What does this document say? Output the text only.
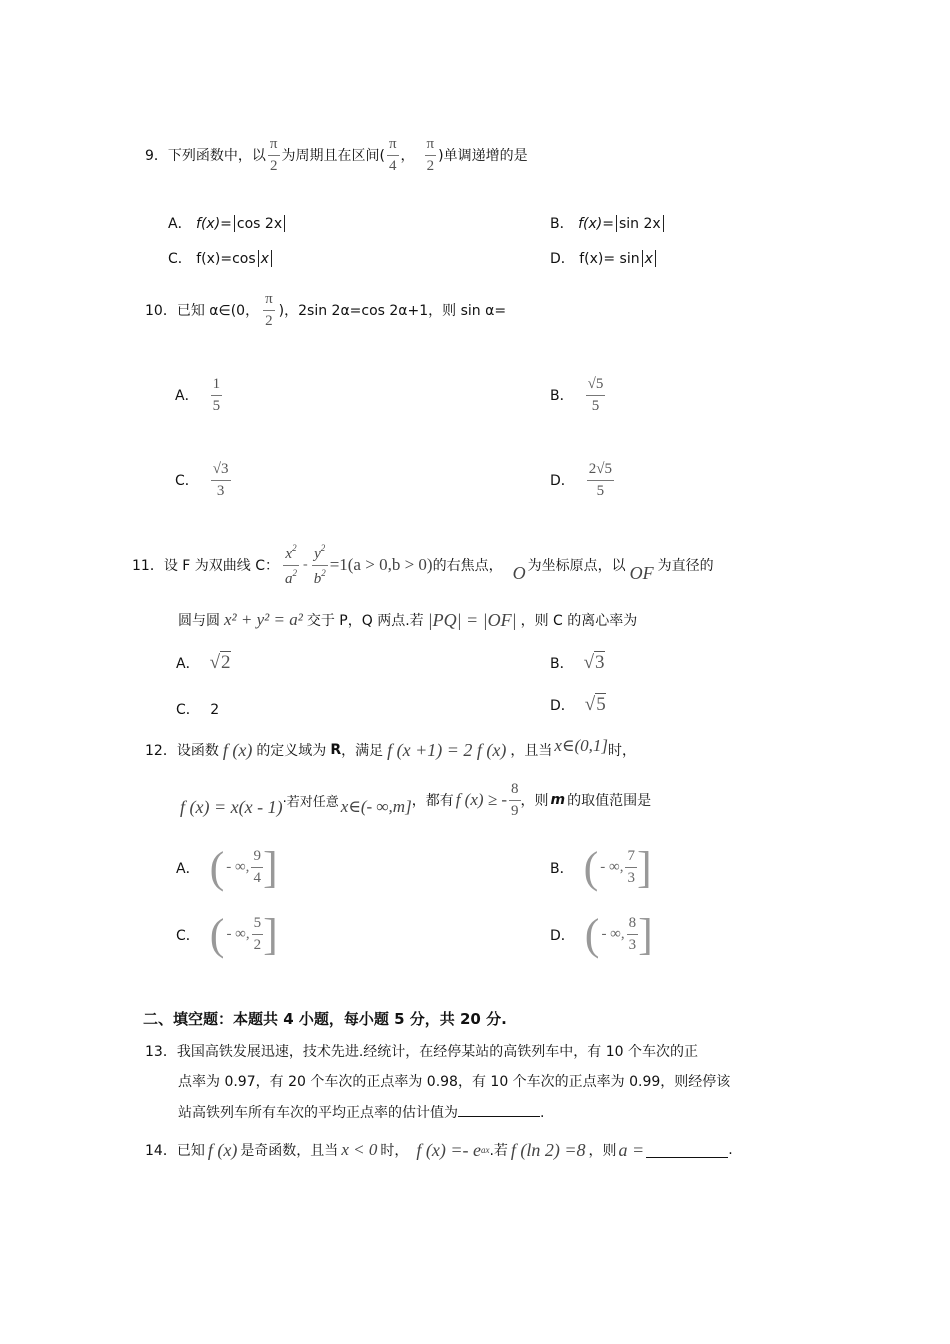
9． 下列函数中，以 $\frac{\pi}{2}$ 为周期且在区间( $\frac{\pi}{4}$ ， $\frac{\pi}{2}$ )单调递增的是
A． f(x)= cos 2x	B． f(x)= sin 2x
C． f(x)=cos x	D． f(x)= sin x
10． 已知 α∈(0， $\frac{\pi}{2}$ )，2sin 2α=cos 2α+1，则 sin α=
A． $\frac{1}{5}$	B． $\frac{√5}{5}$
C． $\frac{√3}{3}$	D． $\frac{2√5}{5}$
11． 设 F 为双曲线 C： $\frac{x^2}{a^2} - \frac{y^2}{b^2} =1(a > 0,b > 0)$ 的右焦点， O 为坐标原点，以 OF 为直径的
圆与圆 x² + y² = a² 交于 P，Q 两点.若 |PQ| = |OF| ，则 C 的离心率为
A． √2	B． √3
C． 2	D． √5
12． 设函数 f (x) 的定义域为 R ，满足 f (x +1) = 2 f (x) ，且当 x∈(0,1] 时，
f (x) = x(x - 1) ·若对任意 x∈(- ∞,m] ，都有 f (x) ≥ - $\frac{8}{9}$ ，则 m 的取值范围是
A． ( - ∞, $\frac{9}{4}$ ]	B． ( - ∞, $\frac{7}{3}$ ]
C． ( - ∞, $\frac{5}{2}$ ]	D． ( - ∞, $\frac{8}{3}$ ]
二、填空题：本题共 4 小题，每小题 5 分，共 20 分.
13．我国高铁发展迅速，技术先进.经统计，在经停某站的高铁列车中，有 10 个车次的正
点率为 0.97，有 20 个车次的正点率为 0.98，有 10 个车次的正点率为 0.99，则经停该
站高铁列车所有车次的平均正点率的估计值为	.
14． 已知 f (x) 是奇函数，且当 x < 0 时， f (x) =- e ax .若 f (ln 2) =8 ，则 a =	.
